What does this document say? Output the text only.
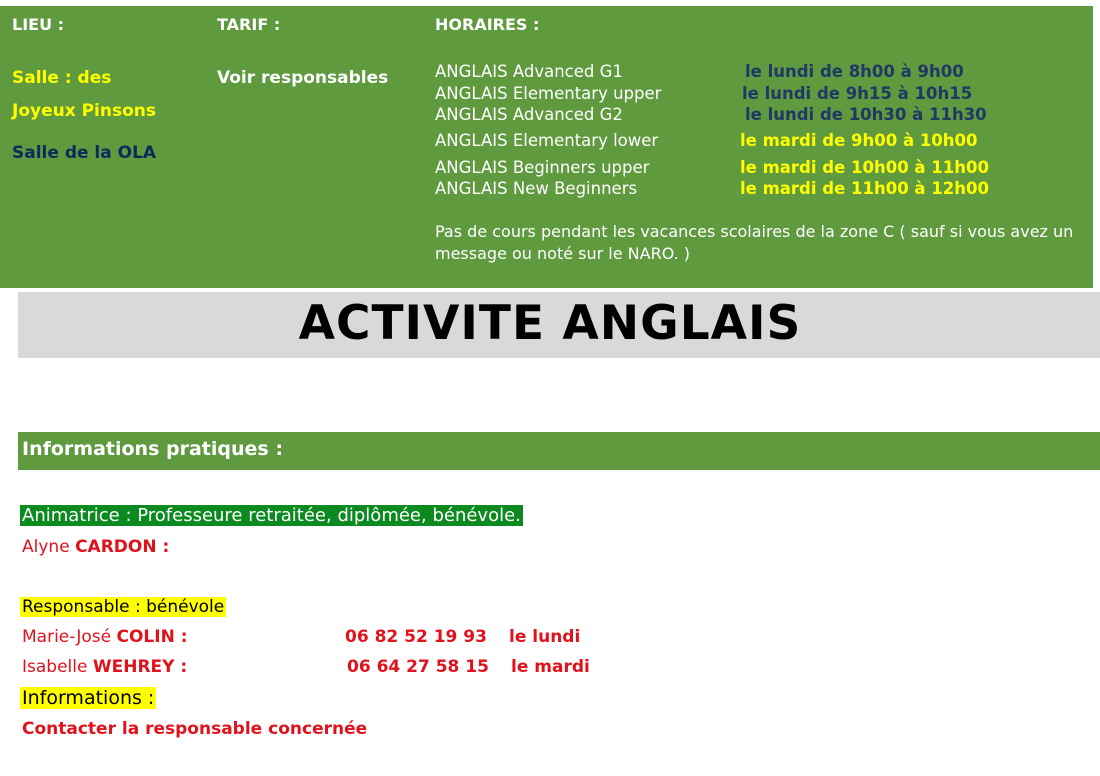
LIEU :	TARIF :	HORAIRES :
Salle : des
Joyeux Pinsons
Salle de la OLA
Voir responsables	ANGLAIS Advanced G1	le lundi de 8h00 à 9h00
ANGLAIS Elementary upper	le lundi de 9h15 à 10h15
ANGLAIS Advanced G2	le lundi de 10h30 à 11h30
ANGLAIS Elementary lower	le mardi de 9h00 à 10h00
ANGLAIS Beginners upper	le mardi de 10h00 à 11h00
ANGLAIS New Beginners	le mardi de 11h00 à 12h00
Pas de cours pendant les vacances scolaires de la zone C ( sauf si vous avez un message ou noté sur le NARO. )
ACTIVITE ANGLAIS
Informations pratiques :
Animatrice : Professeure retraitée, diplômée, bénévole.
Alyne CARDON :
Responsable : bénévole
Marie-José COLIN :	06 82 52 19 93 le lundi
Isabelle WEHREY :	06 64 27 58 15 le mardi
Informations :
Contacter la responsable concernée
